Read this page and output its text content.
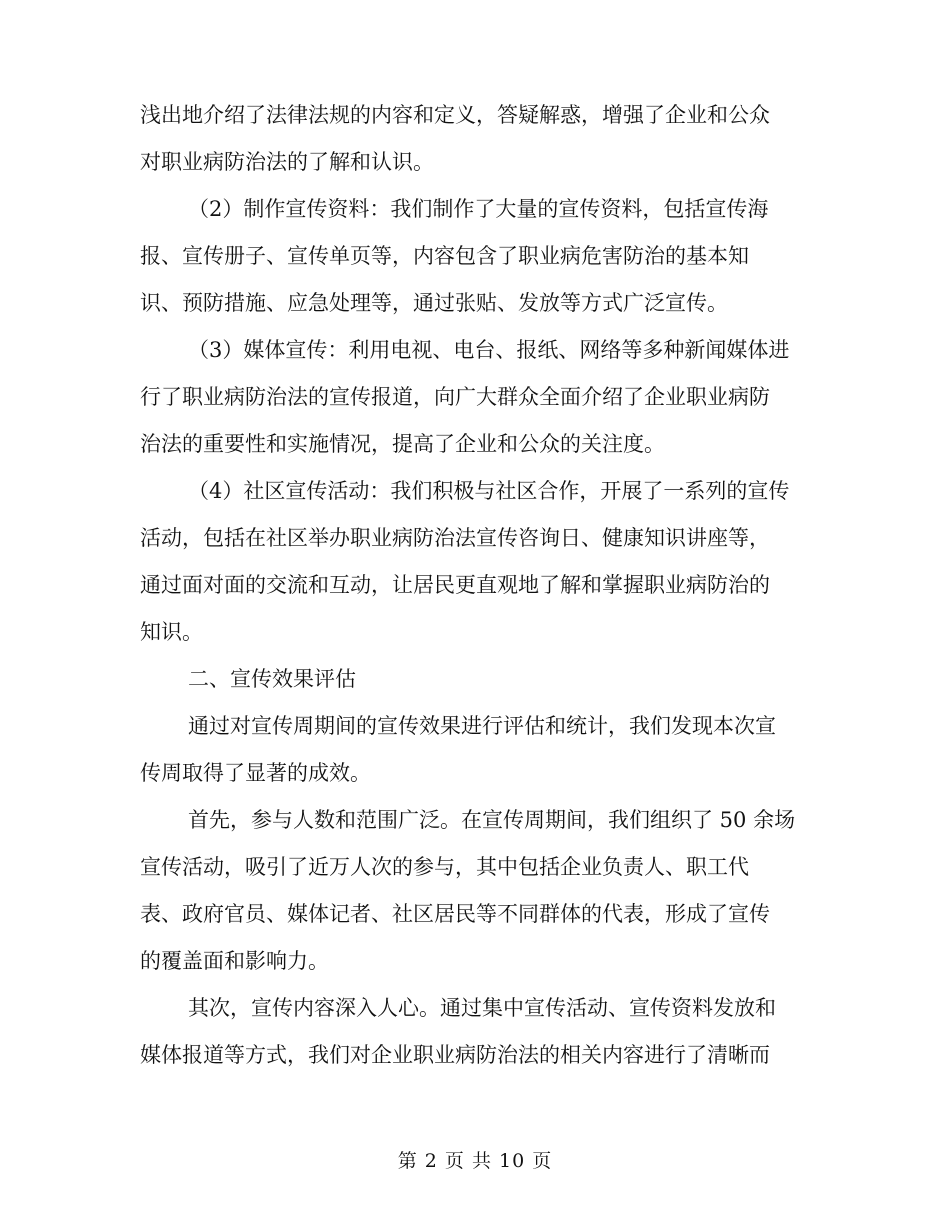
浅出地介绍了法律法规的内容和定义，答疑解惑，增强了企业和公众
对职业病防治法的了解和认识。
（2）制作宣传资料：我们制作了大量的宣传资料，包括宣传海
报、宣传册子、宣传单页等，内容包含了职业病危害防治的基本知
识、预防措施、应急处理等，通过张贴、发放等方式广泛宣传。
（3）媒体宣传：利用电视、电台、报纸、网络等多种新闻媒体进
行了职业病防治法的宣传报道，向广大群众全面介绍了企业职业病防
治法的重要性和实施情况，提高了企业和公众的关注度。
（4）社区宣传活动：我们积极与社区合作，开展了一系列的宣传
活动，包括在社区举办职业病防治法宣传咨询日、健康知识讲座等，
通过面对面的交流和互动，让居民更直观地了解和掌握职业病防治的
知识。
二、宣传效果评估
通过对宣传周期间的宣传效果进行评估和统计，我们发现本次宣
传周取得了显著的成效。
首先，参与人数和范围广泛。在宣传周期间，我们组织了 50 余场
宣传活动，吸引了近万人次的参与，其中包括企业负责人、职工代
表、政府官员、媒体记者、社区居民等不同群体的代表，形成了宣传
的覆盖面和影响力。
其次，宣传内容深入人心。通过集中宣传活动、宣传资料发放和
媒体报道等方式，我们对企业职业病防治法的相关内容进行了清晰而
第 2 页 共 10 页
